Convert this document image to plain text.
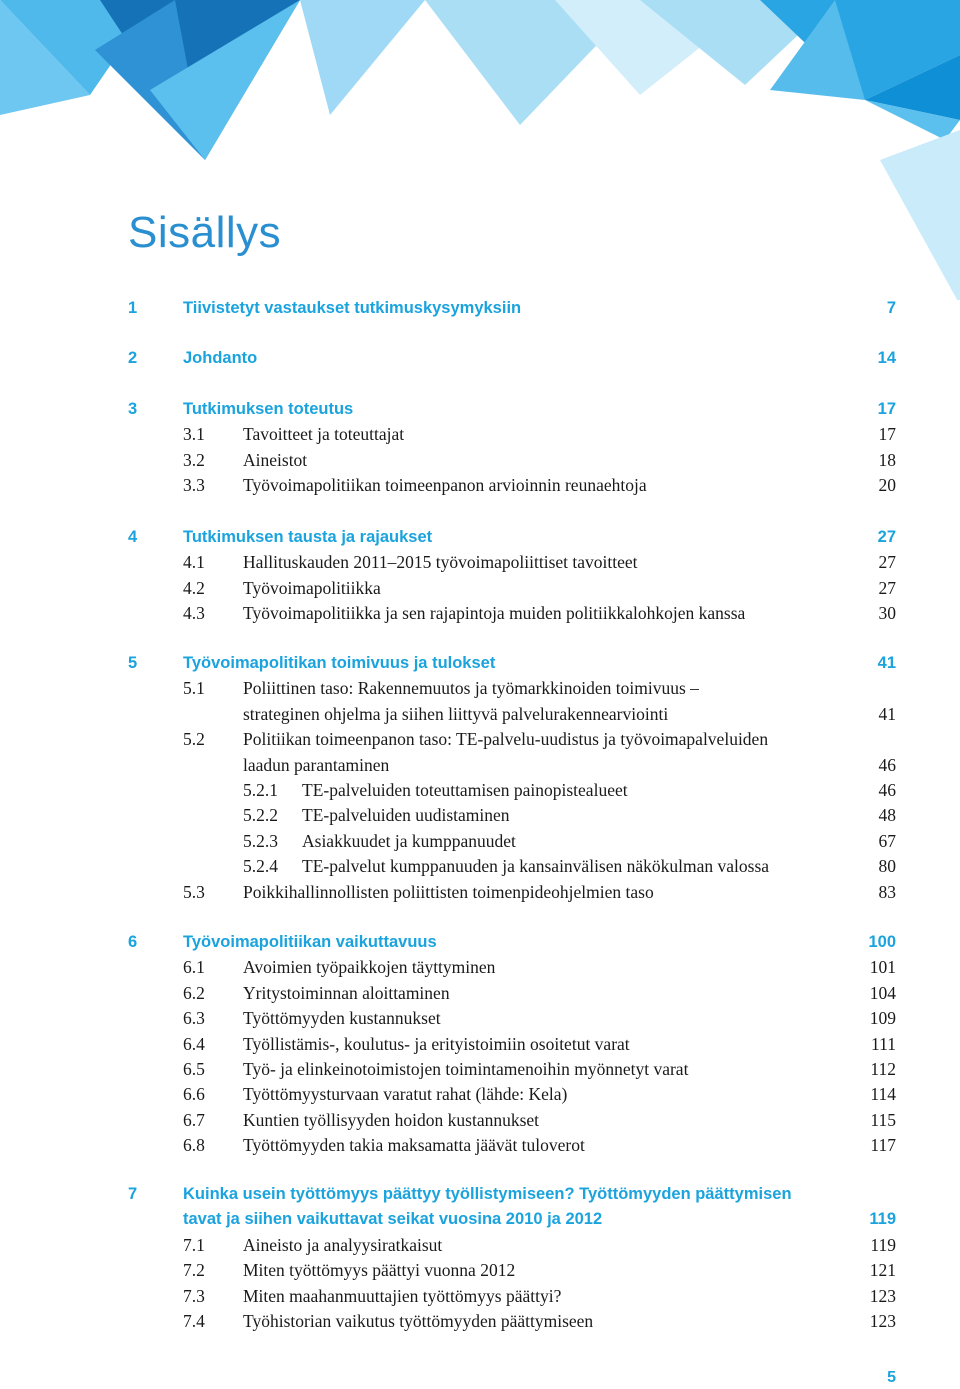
Sisällys
1	Tiivistetyt vastaukset tutkimuskysymyksiin	7
2	Johdanto	14
3	Tutkimuksen toteutus	17
3.1 Tavoitteet ja toteuttajat	17
3.2 Aineistot	18
3.3 Työvoimapolitiikan toimeenpanon arvioinnin reunaehtoja	20
4	Tutkimuksen tausta ja rajaukset	27
4.1 Hallituskauden 2011–2015 työvoimapoliittiset tavoitteet	27
4.2 Työvoimapolitiikka	27
4.3 Työvoimapolitiikka ja sen rajapintoja muiden politiikkalohkojen kanssa	30
5	Työvoimapolitikan toimivuus ja tulokset	41
5.1 Poliittinen taso: Rakennemuutos ja työmarkkinoiden toimivuus –
strateginen ohjelma ja siihen liittyvä palvelurakennearviointi	41
5.2 Politiikan toimeenpanon taso: TE-palvelu-uudistus ja työvoimapalveluiden
laadun parantaminen	46
5.2.1 TE-palveluiden toteuttamisen painopistealueet	46
5.2.2 TE-palveluiden uudistaminen	48
5.2.3 Asiakkuudet ja kumppanuudet	67
5.2.4 TE-palvelut kumppanuuden ja kansainvälisen näkökulman valossa	80
5.3 Poikkihallinnollisten poliittisten toimenpideohjelmien taso	83
6	Työvoimapolitiikan vaikuttavuus	100
6.1 Avoimien työpaikkojen täyttyminen	101
6.2 Yritystoiminnan aloittaminen	104
6.3 Työttömyyden kustannukset	109
6.4 Työllistämis-, koulutus- ja erityistoimiin osoitetut varat	111
6.5 Työ- ja elinkeinotoimistojen toimintamenoihin myönnetyt varat	112
6.6 Työttömyysturvaan varatut rahat (lähde: Kela)	114
6.7 Kuntien työllisyyden hoidon kustannukset	115
6.8 Työttömyyden takia maksamatta jäävät tuloverot	117
7	Kuinka usein työttömyys päättyy työllistymiseen? Työttömyyden päättymisen
tavat ja siihen vaikuttavat seikat vuosina 2010 ja 2012	119
7.1 Aineisto ja analyysiratkaisut	119
7.2 Miten työttömyys päättyi vuonna 2012	121
7.3 Miten maahanmuuttajien työttömyys päättyi?	123
7.4 Työhistorian vaikutus työttömyyden päättymiseen	123
5
